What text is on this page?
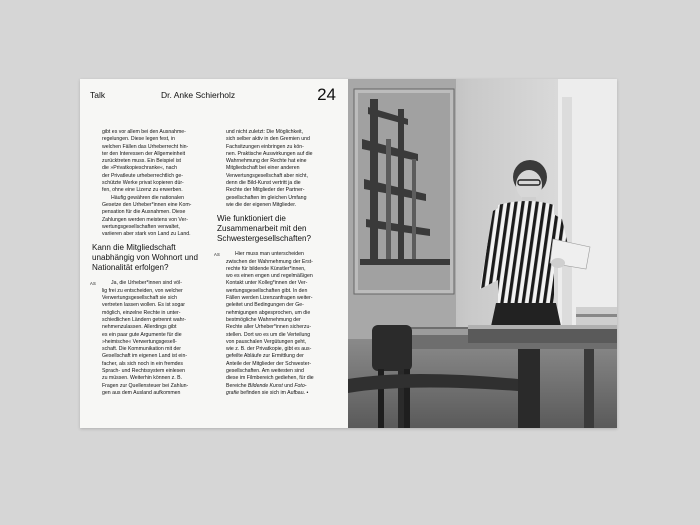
Talk	Dr. Anke Schierholz	24

gibt es vor allem bei den Ausnahme-
regelungen. Diese legen fest, in
welchen Fällen das Urheberrecht hin-
ter den Interessen der Allgemeinheit
zurücktreten muss. Ein Beispiel ist
die »Privatkopieschranke«, nach
der Privatleute urheberrechtlich ge-
schützte Werke privat kopieren dür-
fen, ohne eine Lizenz zu erwerben.

Häufig gewähren die nationalen
Gesetze den Urheber*innen eine Kom-
pensation für die Ausnahmen. Diese
Zahlungen werden meistens von Ver-
wertungsgesellschaften verwaltet,
variieren aber stark von Land zu Land.

Kann die Mitgliedschaft
unabhängig von Wohnort und
Nationalität erfolgen?

AS	Ja, die Urheber*innen sind völ-
lig frei zu entscheiden, von welcher
Verwertungsgesellschaft sie sich
vertreten lassen wollen. Es ist sogar
möglich, einzelne Rechte in unter-
schiedlichen Ländern getrennt wahr-
nehmenzulassen. Allerdings gibt
es ein paar gute Argumente für die
»heimische« Verwertungsgesell-
schaft. Die Kommunikation mit der
Gesellschaft im eigenen Land ist ein-
facher, als sich noch in ein fremdes
Sprach- und Rechtssystem einlesen
zu müssen. Weiterhin können z. B.
Fragen zur Quellensteuer bei Zahlun-
gen aus dem Ausland aufkommen

und nicht zuletzt: Die Möglichkeit,
sich selber aktiv in den Gremien und
Fachsitzungen einbringen zu kön-
nen. Praktische Auswirkungen auf die
Wahrnehmung der Rechte hat eine
Mitgliedschaft bei einer anderen
Verwertungsgesellschaft aber nicht,
denn die Bild-Kunst vertritt ja die
Rechte der Mitglieder der Partner-
gesellschaften im gleichen Umfang
wie die der eigenen Mitglieder.

Wie funktioniert die
Zusammenarbeit mit den
Schwestergesellschaften?

AS	Hier muss man unterscheiden
zwischen der Wahrnehmung der Erst-
rechte für bildende Künstler*innen,
wo es einen engen und regelmäßigen
Kontakt unter Kolleg*innen der Ver-
wertungsgesellschaften gibt. In den
Fällen werden Lizenzanfragen weiter-
geleitet und Bedingungen der Ge-
nehmigungen abgesprochen, um die
bestmögliche Wahrnehmung der
Rechte aller Urheber*innen sicherzu-
stellen. Dort wo es um die Verteilung
von pauschalen Vergütungen geht,
wie z. B. der Privatkopie, gibt es aus-
gefeilte Abläufe zur Ermittlung der
Anteile der Mitglieder der Schwester-
gesellschaften. Am weitesten sind
diese im Filmbereich gediehen, für die
Bereiche Bildende Kunst und Foto-
grafie befinden sie sich im Aufbau. •
